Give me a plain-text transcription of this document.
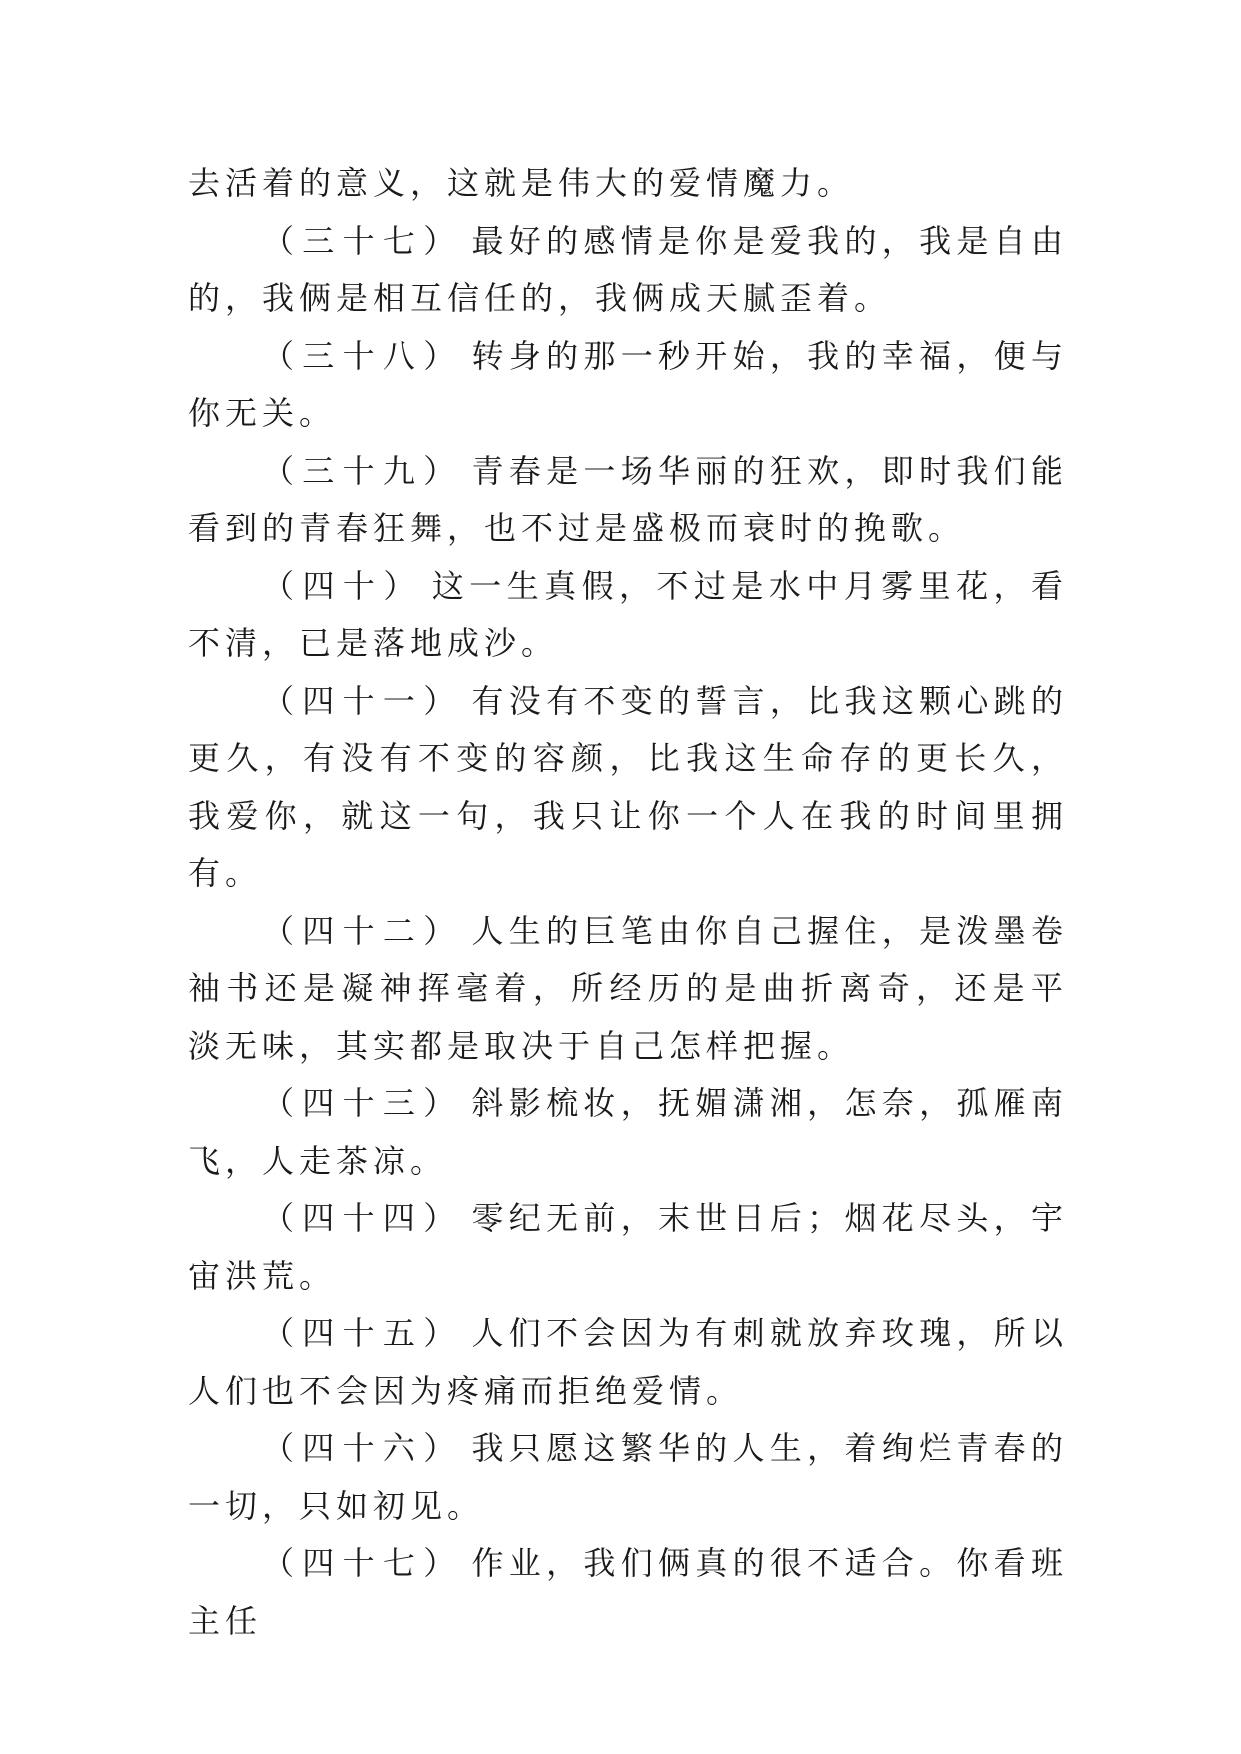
去活着的意义，这就是伟大的爱情魔力。

（三十七） 最好的感情是你是爱我的，我是自由的，我俩是相互信任的，我俩成天腻歪着。

（三十八） 转身的那一秒开始，我的幸福，便与你无关。

（三十九） 青春是一场华丽的狂欢，即时我们能看到的青春狂舞，也不过是盛极而衰时的挽歌。

（四十） 这一生真假，不过是水中月雾里花，看不清，已是落地成沙。

（四十一） 有没有不变的誓言，比我这颗心跳的更久，有没有不变的容颜，比我这生命存的更长久，我爱你，就这一句，我只让你一个人在我的时间里拥有。

（四十二） 人生的巨笔由你自己握住，是泼墨卷袖书还是凝神挥毫着，所经历的是曲折离奇，还是平淡无味，其实都是取决于自己怎样把握。

（四十三） 斜影梳妆，抚媚潇湘，怎奈，孤雁南飞，人走茶凉。

（四十四） 零纪无前，末世日后；烟花尽头，宇宙洪荒。

（四十五） 人们不会因为有刺就放弃玫瑰，所以人们也不会因为疼痛而拒绝爱情。

（四十六） 我只愿这繁华的人生，着绚烂青春的一切，只如初见。

（四十七） 作业，我们俩真的很不适合。你看班主任
